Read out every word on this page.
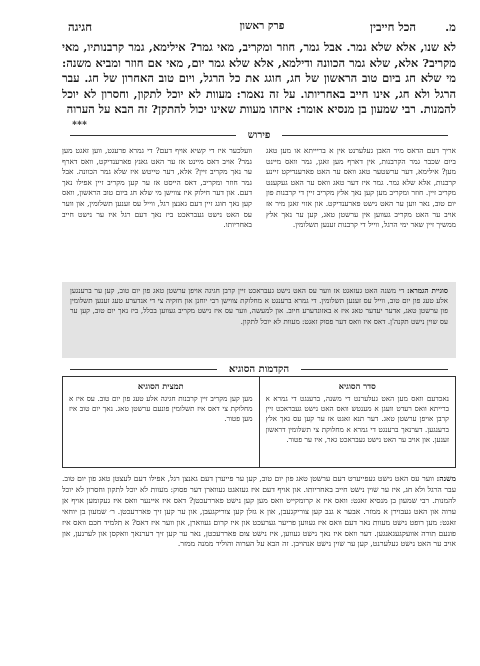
מ.
הכל חייבין
פרק ראשון
חגיגה
לא שנו, אלא שלא גמר. אבל גמר, חוזר ומקריב, מאי גמר? אילימא, גמר קרבנותיו, מאי מקריב? אלא, שלא גמר הכוונה ודילמא, אלא שלא גמר יום, מאי אם חוזר ומביא משנה: מי שלא חג ביום טוב הראשון של חג, חוגג את כל הרגל, ויום טוב האחרון של חג. עבר הרגל ולא חג, אינו חייב באחריותו. על זה נאמר: מעוות לא יוכל לתקון, וחסרון לא יוכל להמנות. רבי שמעון בן מנסיא אומר: איזהו מעוות שאינו יכול להתקן? זה הבא על הערוה
✱✱✱
פירוש
אריך דעם הדאס מיר האבן געלערנט אין א בריייתא או מען טאג ביום שכבר גמר הקרבנות, אין דארף מען זאגן, גמר וואס מיינט מען? אילימא, דער ערשטער טאג וואס ער האט פארענדיקט זיינע קרבנות, אלא שלא גמר. גמר איז דער טאג וואס ער האט געקענט מקריב זיין. חוזר ומקריב מען קען נאך אלץ מקריב זיין די קרבנות פון יום טוב, נאר ווען ער האט נישט פארענדיקט. און אזוי זאגן מיר אז אויב ער האט מקריב געווען אין ערשטן טאג, קען ער נאך אלץ ממשיך זיין שאר ימי הרגל, ווייל די קרבנות זענען תשלומין.
וועלכער איז די קשיא אויף דעם? די גמרא פרעגט, ווען זאגט מען גמר? אויב דאס מיינט אז ער האט גאנץ פארענדיקט, וואס דארף ער נאך מקריב זיין? אלא, דער טייטש איז שלא גמר הכוונה. אבל גמר חוזר ומקריב, דאס הייסט אז ער קען מקריב זיין אפילו נאך דעם. און דער חילוק איז צווישן מי שלא חג ביום טוב הראשון, וואס קען נאך חוגג זיין דעם גאנצן רגל, ווייל עס זענען תשלומין, און ווער עס האט נישט געבראכט ביז נאך דעם רגל איז ער נישט חייב באחריותו.
סוגיית הגמרא: די משנה האט געזאגט אז ווער עס האט נישט געבראכט זיין קרבן חגיגה אויפן ערשטן טאג פון יום טוב, קען ער ברענגען אלע טעג פון יום טוב, ווייל עס זענען תשלומין. די גמרא ברענגט א מחלוקת צווישן רבי יוחנן און חזקיה צי די אנדערע טעג זענען תשלומין פון ערשטן טאג, אדער יעדער טאג איז א באזונדערע חיוב. און למעשה, ווער עס איז נישט מקריב געווען בכלל, ביז נאך יום טוב, קען ער עס שוין נישט תקנה'ן. דאס איז וואס דער פסוק זאגט: מעוות לא יוכל לתקון.
הקדמות הסוגיא
סדר הסוגיא
נאכדעם וואס מען האט געלערנט די משנה, ברענגט די גמרא א ברייתא וואס רעדט וועגן א מענטש וואס האט נישט געבראכט זיין קרבן אויפן ערשטן טאג. דער תנא זאגט אז ער קען עס נאך אלץ ברענגען. דערנאך ברענגט די גמרא א מחלוקת צי תשלומין דראשון זענען. און אויב ער האט נישט געבראכט גאר, איז ער פטור.
תמצית הסוגיא
מען קען מקריב זיין קרבנות חגיגה אלע טעג פון יום טוב. עס איז א מחלוקת צי דאס איז תשלומין פונעם ערשטן טאג. נאך יום טוב איז מען פטור.
משנה: ווער עס האט נישט געפייערט דעם ערשטן טאג פון יום טוב, קען ער פייערן דעם גאנצן רגל, אפילו דעם לעצטן טאג פון יום טוב. עבר הרגל ולא חג, איז ער שוין נישט חייב באחריותו. און אויף דעם איז געזאגט געווארן דער פסוק: מעוות לא יוכל לתקון וחסרון לא יוכל להמנות. רבי שמעון בן מנסיא זאגט: וואס איז א קרומקייט וואס מען קען נישט פאררעכטן? דאס איז איינער וואס איז געקומען אויף אן ערוה און האט געבוירן א ממזר. אבער א גנב קען צוריקגעבן, און א גזלן קען צוריקגעבן, און ער קען זיך פאררעכטן. ר׳ שמעון בן יוחאי זאגט: מען רופט נישט מעוות נאר דעם וואס איז געווען פריער גערעכט און איז קרום געווארן, און ווער איז דאס? א תלמיד חכם וואס איז פונעם תורה אוועקגעגאנגען. דער וואס איז נאך נישט געווען, איז נישט צום פאררעכטן, נאר ער קען זיך דערנאך וואקסן און לערנען, און אויב ער האט נישט געלערנט, קען ער שוין נישט אנהויבן. זה הבא על הערוה והוליד ממנה ממזר.
